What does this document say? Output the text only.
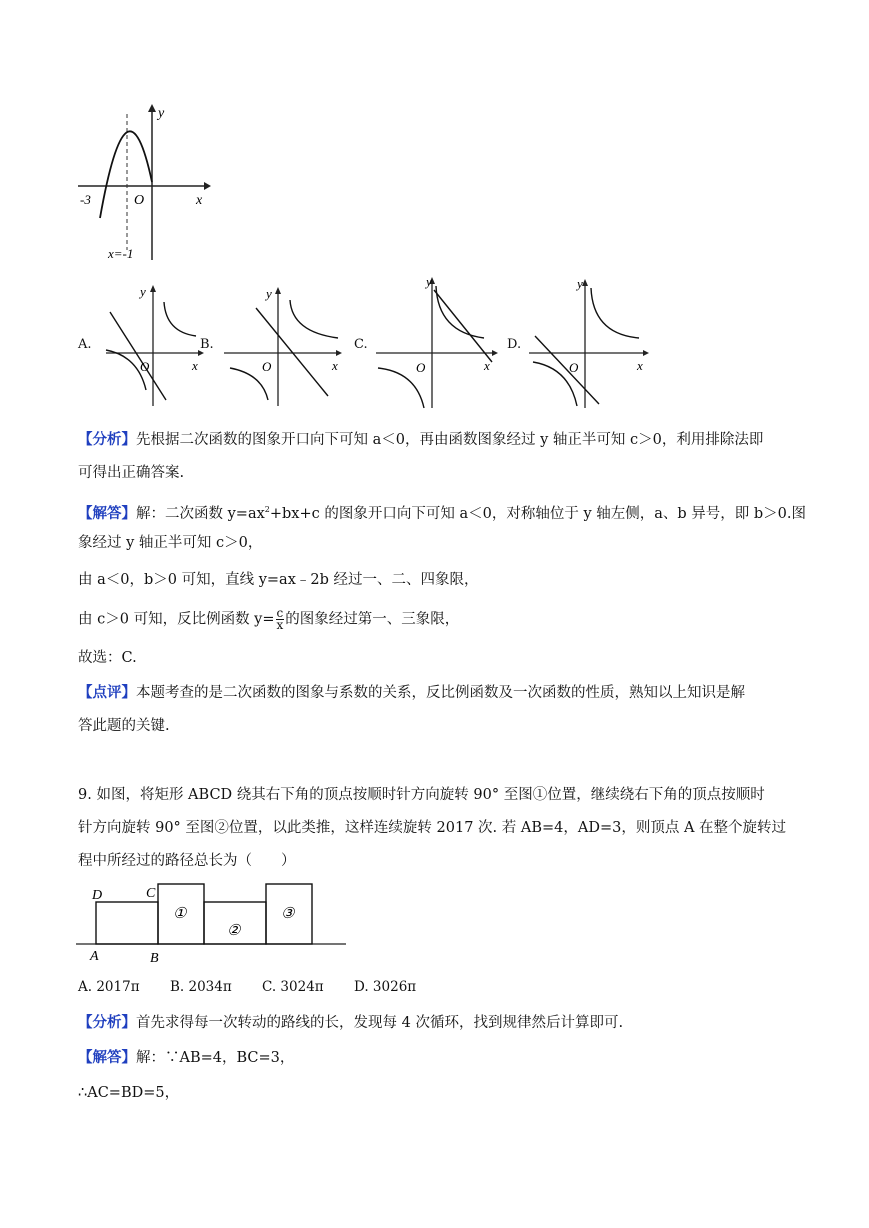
y
x
O
-3
x=-1
A.
y
x
O
B.
y
x
O
C.
y
x
O
D.
y
x
O
【分析】先根据二次函数的图象开口向下可知 a＜0，再由函数图象经过 y 轴正半可知 c＞0，利用排除法即
可得出正确答案.
【解答】解：二次函数 $y=ax^2+bx+c$ 的图象开口向下可知 a＜0，对称轴位于 y 轴左侧，a、b 异号，即 b＞0.图
象经过 y 轴正半可知 c＞0，
由 a＜0，b＞0 可知，直线 y=ax﹣2b 经过一、二、四象限，
由 c＞0 可知，反比例函数 $y= \frac{c}{x}$ 的图象经过第一、三象限，
故选：C.
【点评】本题考查的是二次函数的图象与系数的关系，反比例函数及一次函数的性质，熟知以上知识是解
答此题的关键.
9. 如图，将矩形 ABCD 绕其右下角的顶点按顺时针方向旋转 90° 至图①位置，继续绕右下角的顶点按顺时
针方向旋转 90° 至图②位置，以此类推，这样连续旋转 2017 次. 若 AB=4，AD=3，则顶点 A 在整个旋转过
程中所经过的路径总长为（　　）
D	C
A	B
①
②
③
A. 2017π B. 2034π C. 3024π D. 3026π
【分析】首先求得每一次转动的路线的长，发现每 4 次循环，找到规律然后计算即可.
【解答】解：∵AB=4，BC=3，
∴AC=BD=5，
